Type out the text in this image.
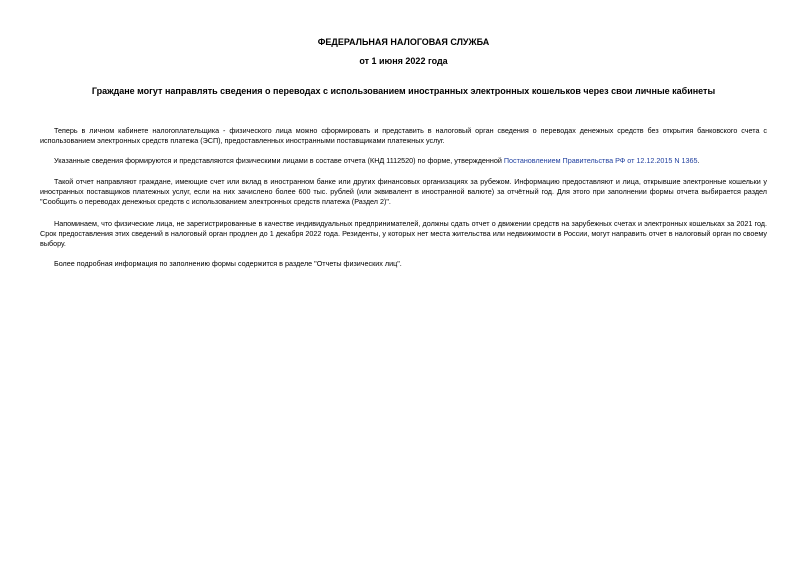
ФЕДЕРАЛЬНАЯ НАЛОГОВАЯ СЛУЖБА
от 1 июня 2022 года
Граждане могут направлять сведения о переводах с использованием иностранных электронных кошельков через свои личные кабинеты

Теперь в личном кабинете налогоплательщика - физического лица можно сформировать и представить в налоговый орган сведения о переводах денежных средств без открытия банковского счета с использованием электронных средств платежа (ЭСП), предоставленных иностранными поставщиками платежных услуг.

Указанные сведения формируются и представляются физическими лицами в составе отчета (КНД 1112520) по форме, утвержденной Постановлением Правительства РФ от 12.12.2015 N 1365.

Такой отчет направляют граждане, имеющие счет или вклад в иностранном банке или других финансовых организациях за рубежом. Информацию предоставляют и лица, открывшие электронные кошельки у иностранных поставщиков платежных услуг, если на них зачислено более 600 тыс. рублей (или эквивалент в иностранной валюте) за отчётный год. Для этого при заполнении формы отчета выбирается раздел "Сообщить о переводах денежных средств с использованием электронных средств платежа (Раздел 2)".

Напоминаем, что физические лица, не зарегистрированные в качестве индивидуальных предпринимателей, должны сдать отчет о движении средств на зарубежных счетах и электронных кошельках за 2021 год. Срок предоставления этих сведений в налоговый орган продлен до 1 декабря 2022 года. Резиденты, у которых нет места жительства или недвижимости в России, могут направить отчет в налоговый орган по своему выбору.

Более подробная информация по заполнению формы содержится в разделе "Отчеты физических лиц".
